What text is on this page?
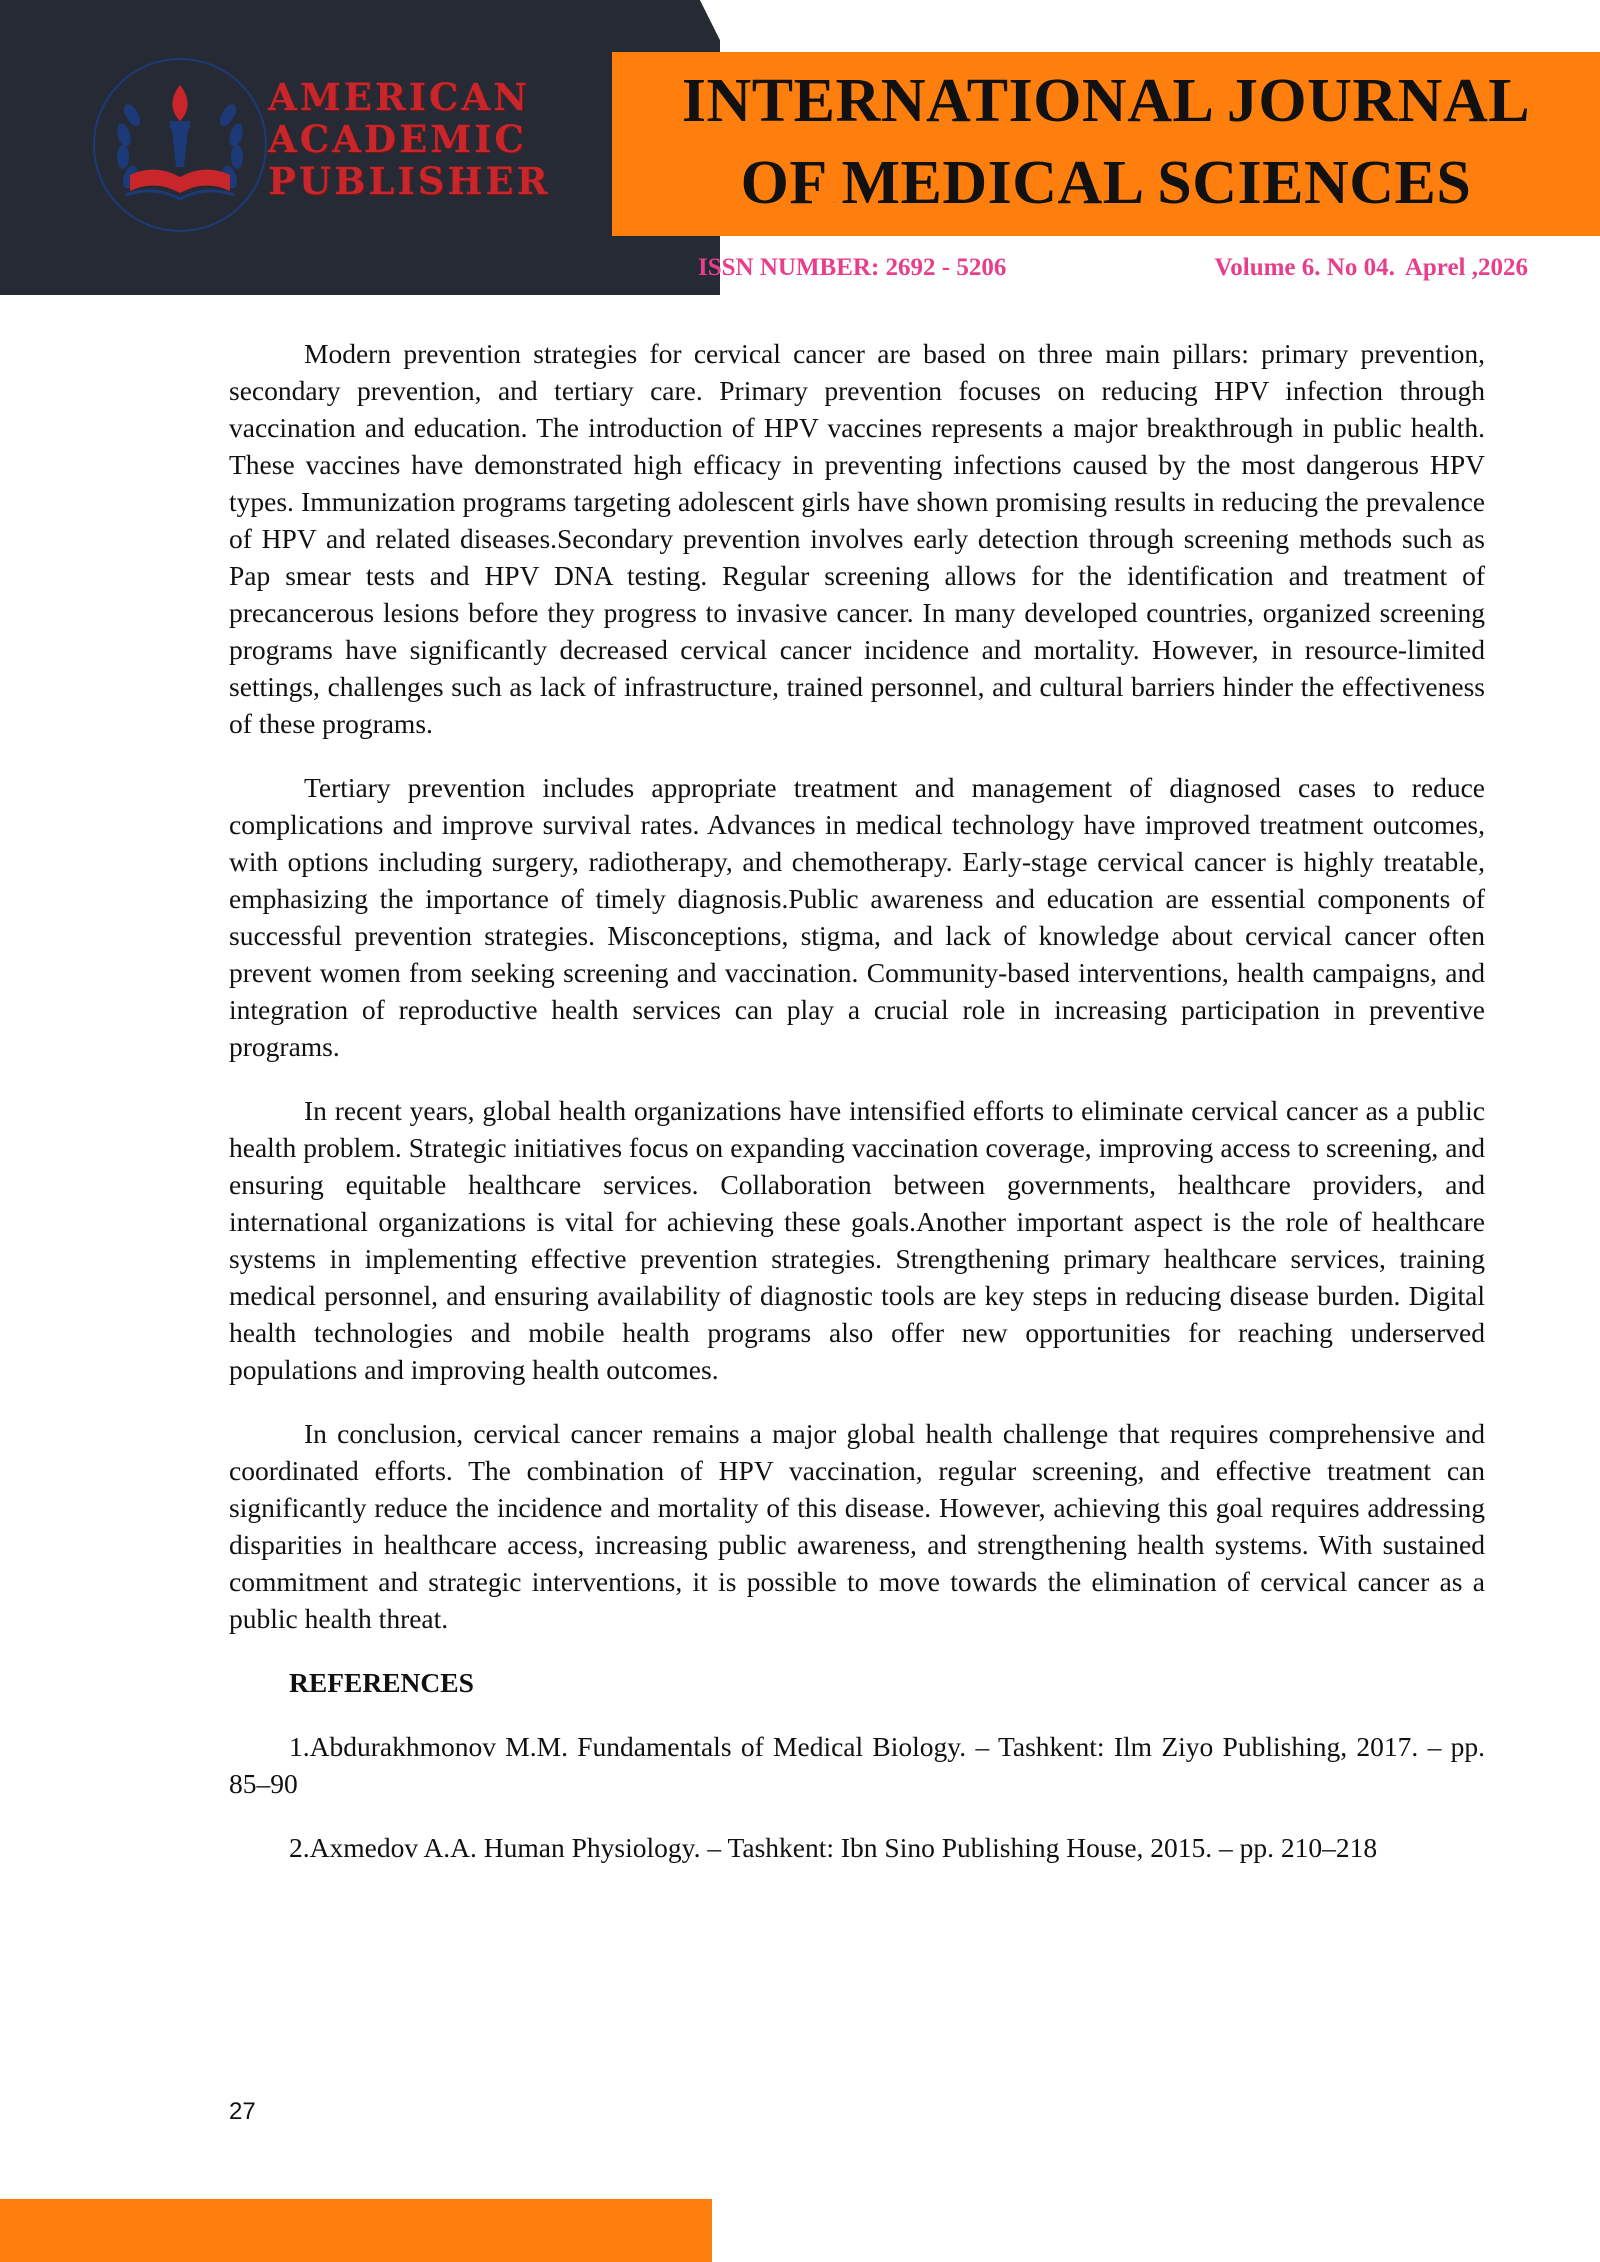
INTERNATIONAL JOURNAL
OF MEDICAL SCIENCES
AMERICAN
ACADEMIC
PUBLISHER
ISSN NUMBER: 2692 - 5206	Volume 6. No 04. Aprel ,2026

Modern prevention strategies for cervical cancer are based on three main pillars: primary prevention, secondary prevention, and tertiary care. Primary prevention focuses on reducing HPV infection through vaccination and education. The introduction of HPV vaccines represents a major breakthrough in public health. These vaccines have demonstrated high efficacy in preventing infections caused by the most dangerous HPV types. Immunization programs targeting adolescent girls have shown promising results in reducing the prevalence of HPV and related diseases.Secondary prevention involves early detection through screening methods such as Pap smear tests and HPV DNA testing. Regular screening allows for the identification and treatment of precancerous lesions before they progress to invasive cancer. In many developed countries, organized screening programs have significantly decreased cervical cancer incidence and mortality. However, in resource-limited settings, challenges such as lack of infrastructure, trained personnel, and cultural barriers hinder the effectiveness of these programs.

Tertiary prevention includes appropriate treatment and management of diagnosed cases to reduce complications and improve survival rates. Advances in medical technology have improved treatment outcomes, with options including surgery, radiotherapy, and chemotherapy. Early-stage cervical cancer is highly treatable, emphasizing the importance of timely diagnosis.Public awareness and education are essential components of successful prevention strategies. Misconceptions, stigma, and lack of knowledge about cervical cancer often prevent women from seeking screening and vaccination. Community-based interventions, health campaigns, and integration of reproductive health services can play a crucial role in increasing participation in preventive programs.

In recent years, global health organizations have intensified efforts to eliminate cervical cancer as a public health problem. Strategic initiatives focus on expanding vaccination coverage, improving access to screening, and ensuring equitable healthcare services. Collaboration between governments, healthcare providers, and international organizations is vital for achieving these goals.Another important aspect is the role of healthcare systems in implementing effective prevention strategies. Strengthening primary healthcare services, training medical personnel, and ensuring availability of diagnostic tools are key steps in reducing disease burden. Digital health technologies and mobile health programs also offer new opportunities for reaching underserved populations and improving health outcomes.

In conclusion, cervical cancer remains a major global health challenge that requires comprehensive and coordinated efforts. The combination of HPV vaccination, regular screening, and effective treatment can significantly reduce the incidence and mortality of this disease. However, achieving this goal requires addressing disparities in healthcare access, increasing public awareness, and strengthening health systems. With sustained commitment and strategic interventions, it is possible to move towards the elimination of cervical cancer as a public health threat.

REFERENCES

1.Abdurakhmonov M.M. Fundamentals of Medical Biology. – Tashkent: Ilm Ziyo Publishing, 2017. – pp. 85–90

2.Axmedov A.A. Human Physiology. – Tashkent: Ibn Sino Publishing House, 2015. – pp. 210–218

27
